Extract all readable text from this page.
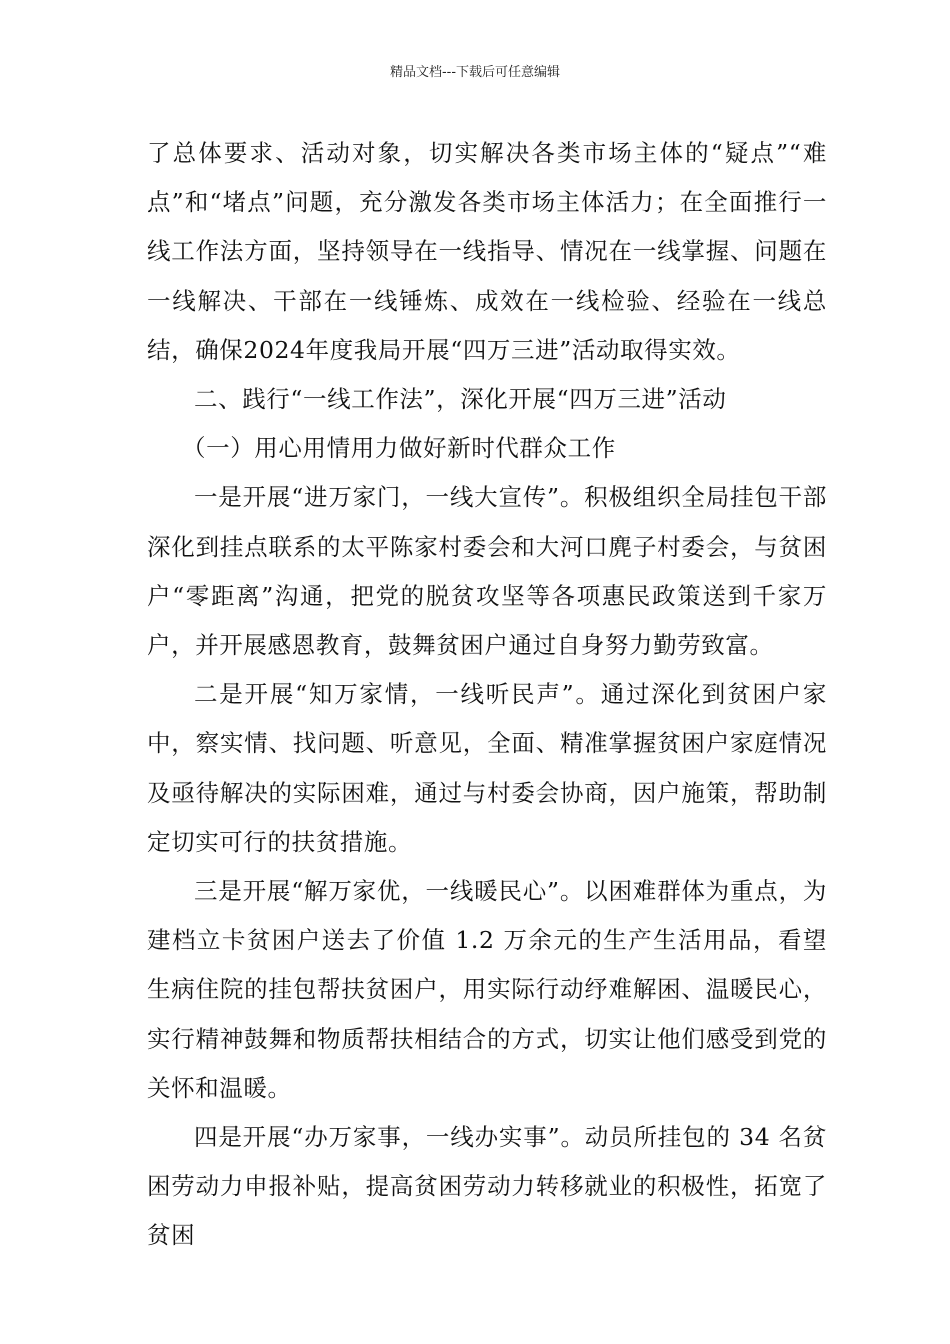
精品文档---下载后可任意编辑

了总体要求、活动对象，切实解决各类市场主体的“疑点”“难点”和“堵点”问题，充分激发各类市场主体活力；在全面推行一线工作法方面，坚持领导在一线指导、情况在一线掌握、问题在一线解决、干部在一线锤炼、成效在一线检验、经验在一线总结，确保2024年度我局开展“四万三进”活动取得实效。

二、践行“一线工作法”，深化开展“四万三进”活动

（一）用心用情用力做好新时代群众工作

一是开展“进万家门，一线大宣传”。积极组织全局挂包干部深化到挂点联系的太平陈家村委会和大河口麂子村委会，与贫困户“零距离”沟通，把党的脱贫攻坚等各项惠民政策送到千家万户，并开展感恩教育，鼓舞贫困户通过自身努力勤劳致富。

二是开展“知万家情，一线听民声”。通过深化到贫困户家中，察实情、找问题、听意见，全面、精准掌握贫困户家庭情况及亟待解决的实际困难，通过与村委会协商，因户施策，帮助制定切实可行的扶贫措施。

三是开展“解万家优，一线暖民心”。以困难群体为重点，为建档立卡贫困户送去了价值 1.2 万余元的生产生活用品，看望生病住院的挂包帮扶贫困户，用实际行动纾难解困、温暖民心，实行精神鼓舞和物质帮扶相结合的方式，切实让他们感受到党的关怀和温暖。

四是开展“办万家事，一线办实事”。动员所挂包的 34 名贫困劳动力申报补贴，提高贫困劳动力转移就业的积极性，拓宽了贫困
